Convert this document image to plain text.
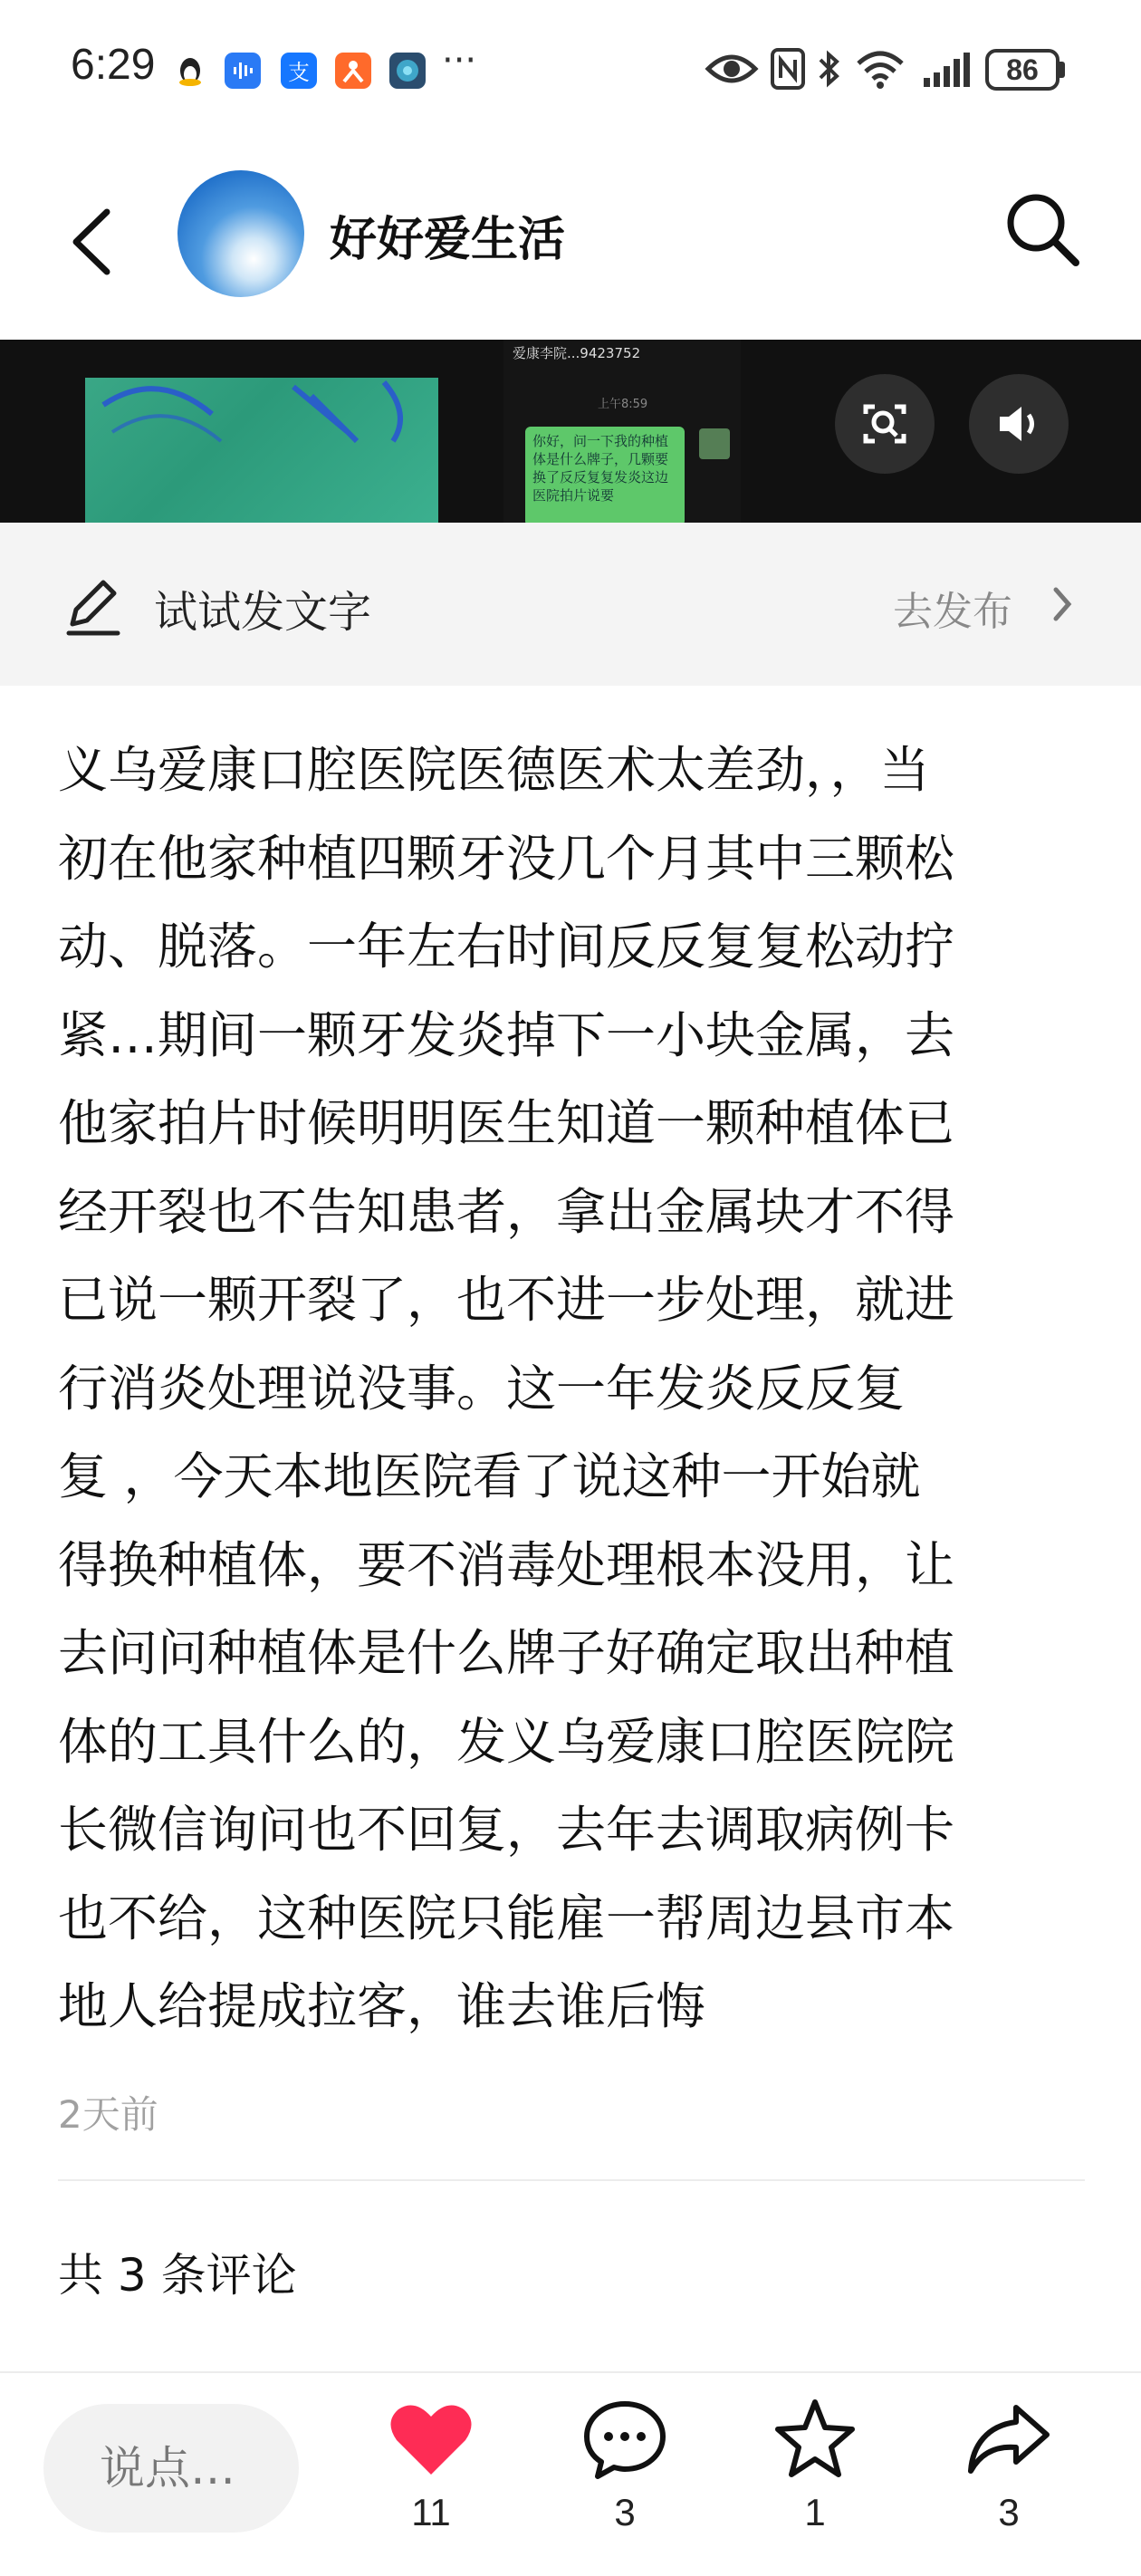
6:29	支	···	86
好好爱生活
爱康李院...9423752
上午8:59
你好，问一下我的种植体是什么牌子，几颗要换了反反复复发炎这边医院拍片说要
试试发文字	去发布
义乌爱康口腔医院医德医术太差劲，，当
初在他家种植四颗牙没几个月其中三颗松
动、脱落。一年左右时间反反复复松动拧
紧…期间一颗牙发炎掉下一小块金属，去
他家拍片时候明明医生知道一颗种植体已
经开裂也不告知患者，拿出金属块才不得
已说一颗开裂了，也不进一步处理，就进
行消炎处理说没事。这一年发炎反反复
复 ，今天本地医院看了说这种一开始就
得换种植体，要不消毒处理根本没用，让
去问问种植体是什么牌子好确定取出种植
体的工具什么的，发义乌爱康口腔医院院
长微信询问也不回复，去年去调取病例卡
也不给，这种医院只能雇一帮周边县市本
地人给提成拉客，谁去谁后悔
2天前
共 3 条评论
说点…
11	3	1	3
